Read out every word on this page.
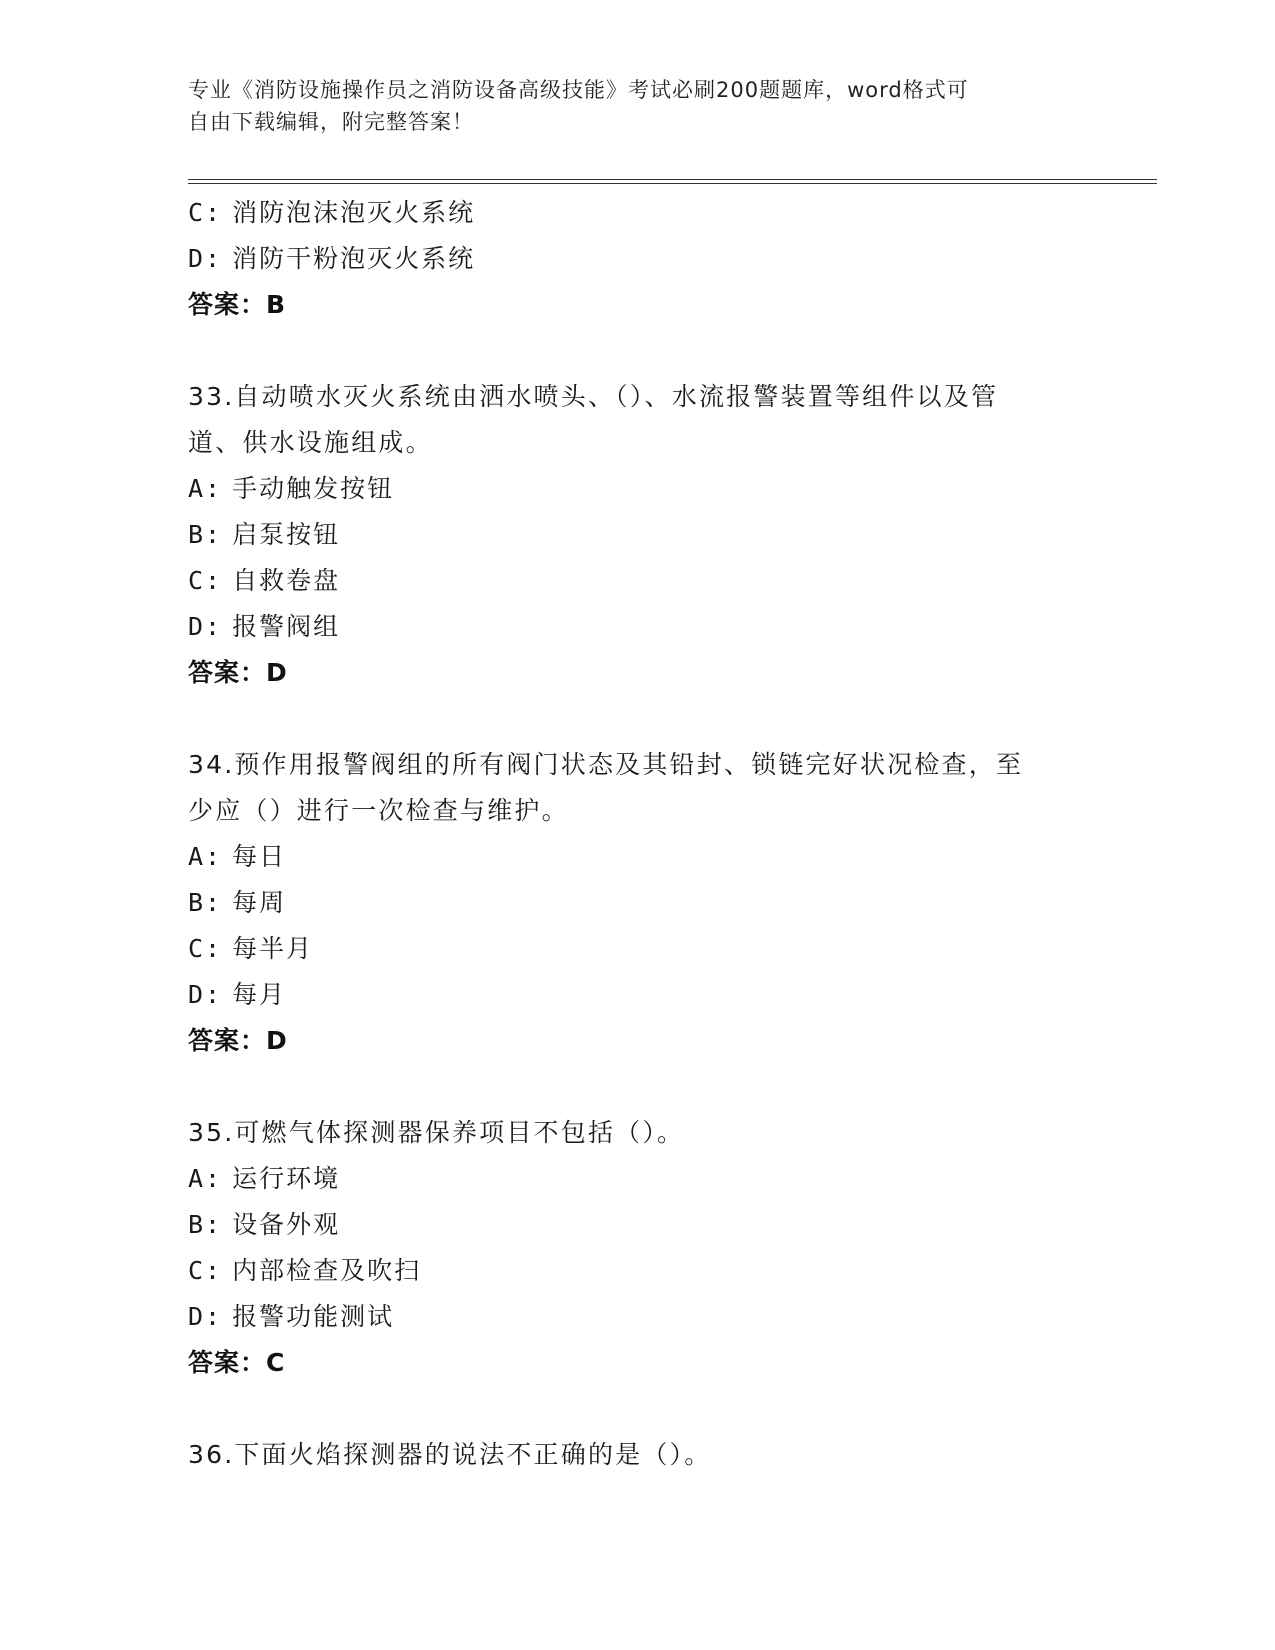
专业《消防设施操作员之消防设备高级技能》考试必刷200题题库，word格式可
自由下载编辑，附完整答案！
C: 消防泡沫泡灭火系统
D: 消防干粉泡灭火系统
答案：B
33.自动喷水灭火系统由洒水喷头、（）、水流报警装置等组件以及管
道、供水设施组成。
A: 手动触发按钮
B: 启泵按钮
C: 自救卷盘
D: 报警阀组
答案：D
34.预作用报警阀组的所有阀门状态及其铅封、锁链完好状况检查，至
少应（）进行一次检查与维护。
A: 每日
B: 每周
C: 每半月
D: 每月
答案：D
35.可燃气体探测器保养项目不包括（）。
A: 运行环境
B: 设备外观
C: 内部检查及吹扫
D: 报警功能测试
答案：C
36.下面火焰探测器的说法不正确的是（）。
